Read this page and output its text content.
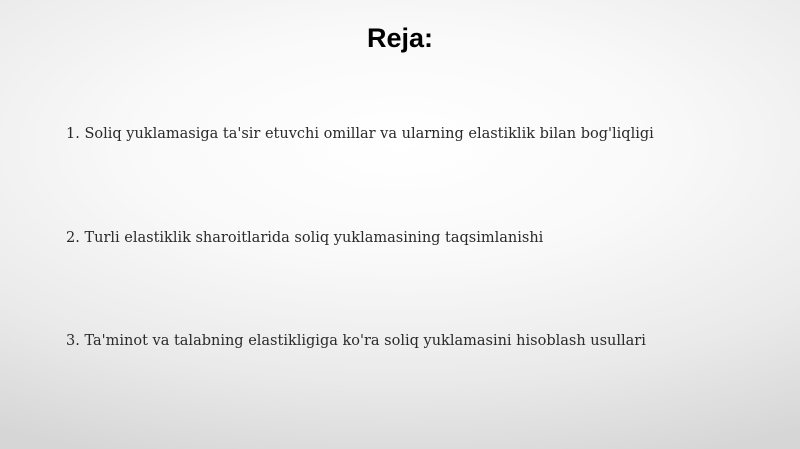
Reja:
1. Soliq yuklamasiga ta'sir etuvchi omillar va ularning elastiklik bilan bog'liqligi
2. Turli elastiklik sharoitlarida soliq yuklamasining taqsimlanishi
3. Ta'minot va talabning elastikligiga ko'ra soliq yuklamasini hisoblash usullari
